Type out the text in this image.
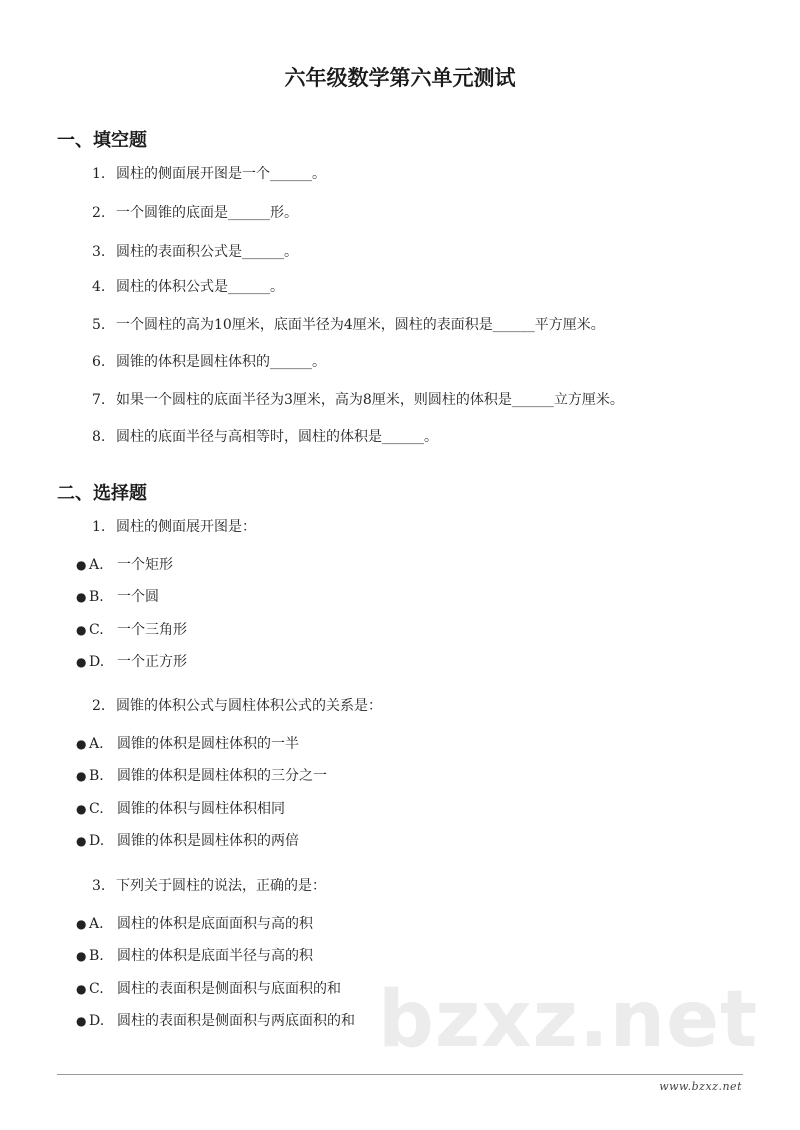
bzxz.net
六年级数学第六单元测试
一、填空题
1. 圆柱的侧面展开图是一个______。
2. 一个圆锥的底面是______形。
3. 圆柱的表面积公式是______。
4. 圆柱的体积公式是______。
5. 一个圆柱的高为10厘米，底面半径为4厘米，圆柱的表面积是______平方厘米。
6. 圆锥的体积是圆柱体积的______。
7. 如果一个圆柱的底面半径为3厘米，高为8厘米，则圆柱的体积是______立方厘米。
8. 圆柱的底面半径与高相等时，圆柱的体积是______。
二、选择题
1. 圆柱的侧面展开图是：
● A. 一个矩形
● B. 一个圆
● C. 一个三角形
● D. 一个正方形
2. 圆锥的体积公式与圆柱体积公式的关系是：
● A. 圆锥的体积是圆柱体积的一半
● B. 圆锥的体积是圆柱体积的三分之一
● C. 圆锥的体积与圆柱体积相同
● D. 圆锥的体积是圆柱体积的两倍
3. 下列关于圆柱的说法，正确的是：
● A. 圆柱的体积是底面面积与高的积
● B. 圆柱的体积是底面半径与高的积
● C. 圆柱的表面积是侧面积与底面积的和
● D. 圆柱的表面积是侧面积与两底面积的和
www.bzxz.net
